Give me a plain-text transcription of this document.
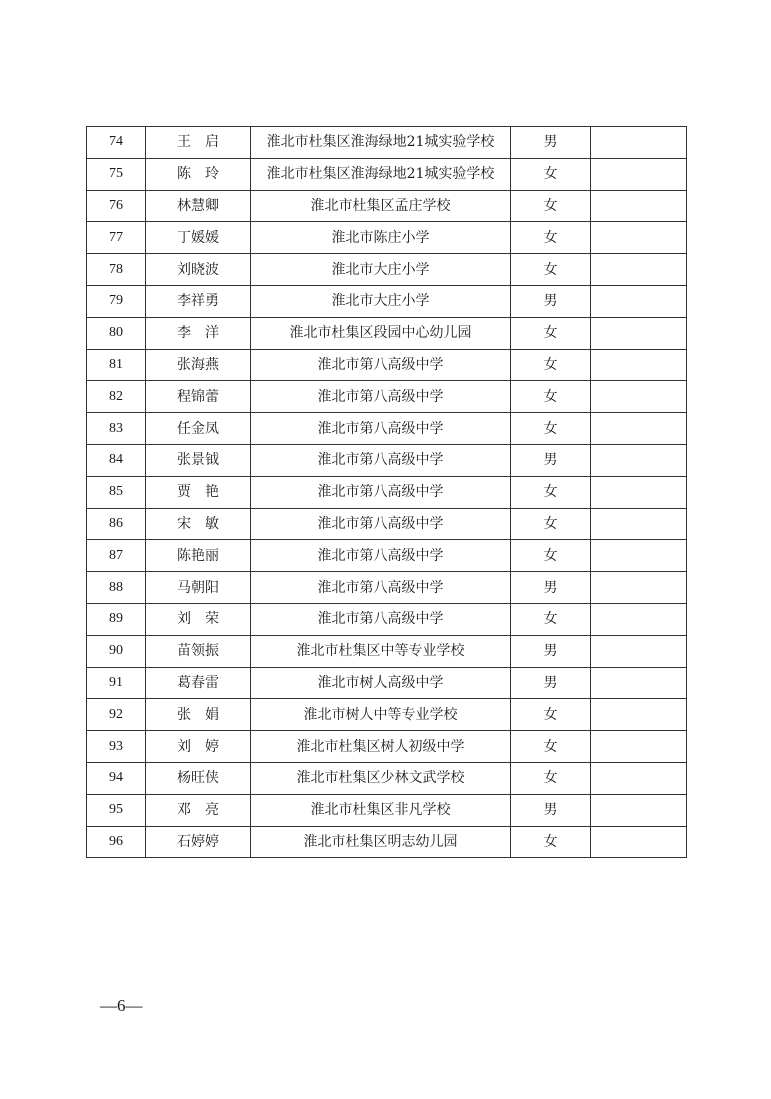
74	王　启	淮北市杜集区淮海绿地21城实验学校	男	
75	陈　玲	淮北市杜集区淮海绿地21城实验学校	女	
76	林慧卿	淮北市杜集区孟庄学校	女	
77	丁媛媛	淮北市陈庄小学	女	
78	刘晓波	淮北市大庄小学	女	
79	李祥勇	淮北市大庄小学	男	
80	李　洋	淮北市杜集区段园中心幼儿园	女	
81	张海燕	淮北市第八高级中学	女	
82	程锦蕾	淮北市第八高级中学	女	
83	任金凤	淮北市第八高级中学	女	
84	张景钺	淮北市第八高级中学	男	
85	贾　艳	淮北市第八高级中学	女	
86	宋　敏	淮北市第八高级中学	女	
87	陈艳丽	淮北市第八高级中学	女	
88	马朝阳	淮北市第八高级中学	男	
89	刘　荣	淮北市第八高级中学	女	
90	苗领振	淮北市杜集区中等专业学校	男	
91	葛春雷	淮北市树人高级中学	男	
92	张　娟	淮北市树人中等专业学校	女	
93	刘　婷	淮北市杜集区树人初级中学	女	
94	杨旺侠	淮北市杜集区少林文武学校	女	
95	邓　亮	淮北市杜集区非凡学校	男	
96	石婷婷	淮北市杜集区明志幼儿园	女	
—6—
